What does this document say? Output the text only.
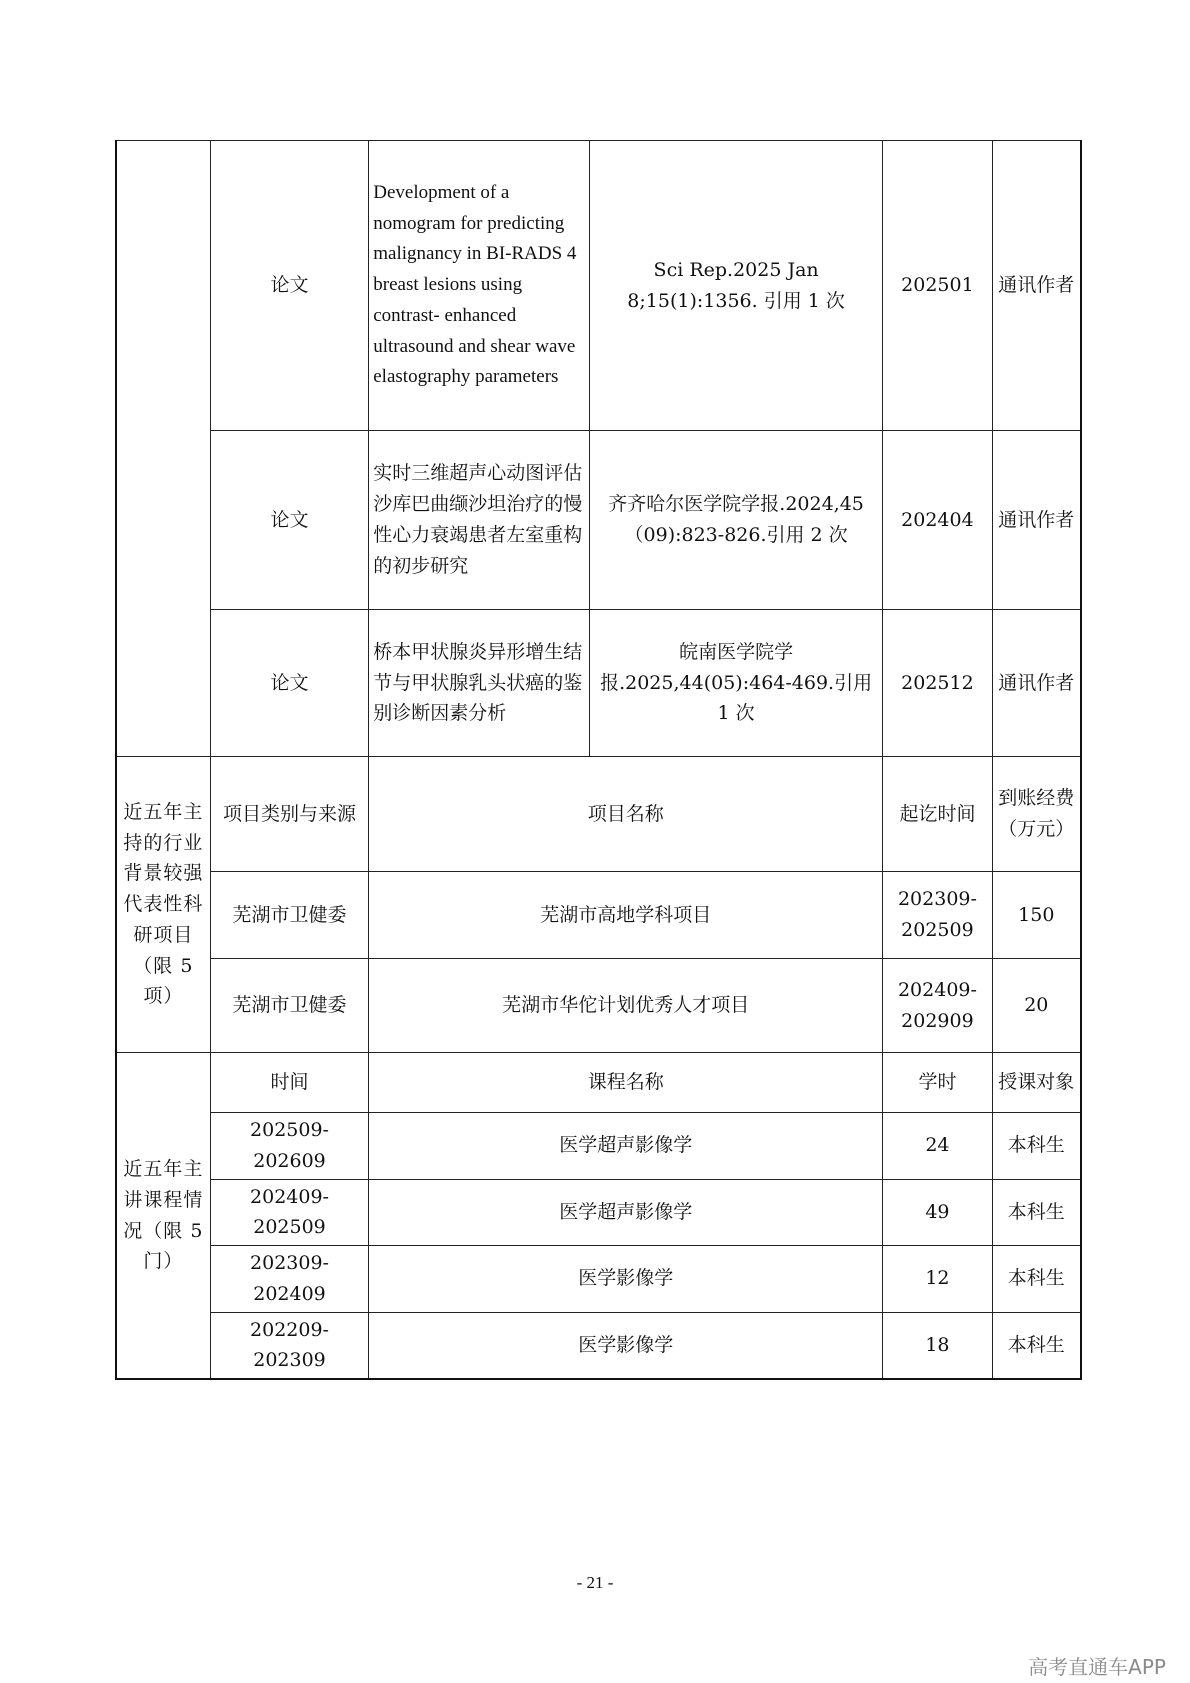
	论文	Development of a nomogram for predicting malignancy in BI-RADS 4 breast lesions using contrast- enhanced ultrasound and shear wave elastography parameters	Sci Rep.2025 Jan 8;15(1):1356. 引用 1 次	202501	通讯作者
	论文	实时三维超声心动图评估沙库巴曲缬沙坦治疗的慢性心力衰竭患者左室重构的初步研究	齐齐哈尔医学院学报.2024,45（09):823-826.引用 2 次	202404	通讯作者
	论文	桥本甲状腺炎异形增生结节与甲状腺乳头状癌的鉴别诊断因素分析	皖南医学院学报.2025,44(05):464-469.引用 1 次	202512	通讯作者
近五年主持的行业背景较强代表性科研项目（限 5 项）	项目类别与来源	项目名称		起讫时间	到账经费（万元）
	芜湖市卫健委	芜湖市高地学科项目		202309-202509	150
	芜湖市卫健委	芜湖市华佗计划优秀人才项目		202409-202909	20
近五年主讲课程情况（限 5 门）	时间	课程名称		学时	授课对象
	202509-202609	医学超声影像学		24	本科生
	202409-202509	医学超声影像学		49	本科生
	202309-202409	医学影像学		12	本科生
	202209-202309	医学影像学		18	本科生
- 21 -
高考直通车APP
